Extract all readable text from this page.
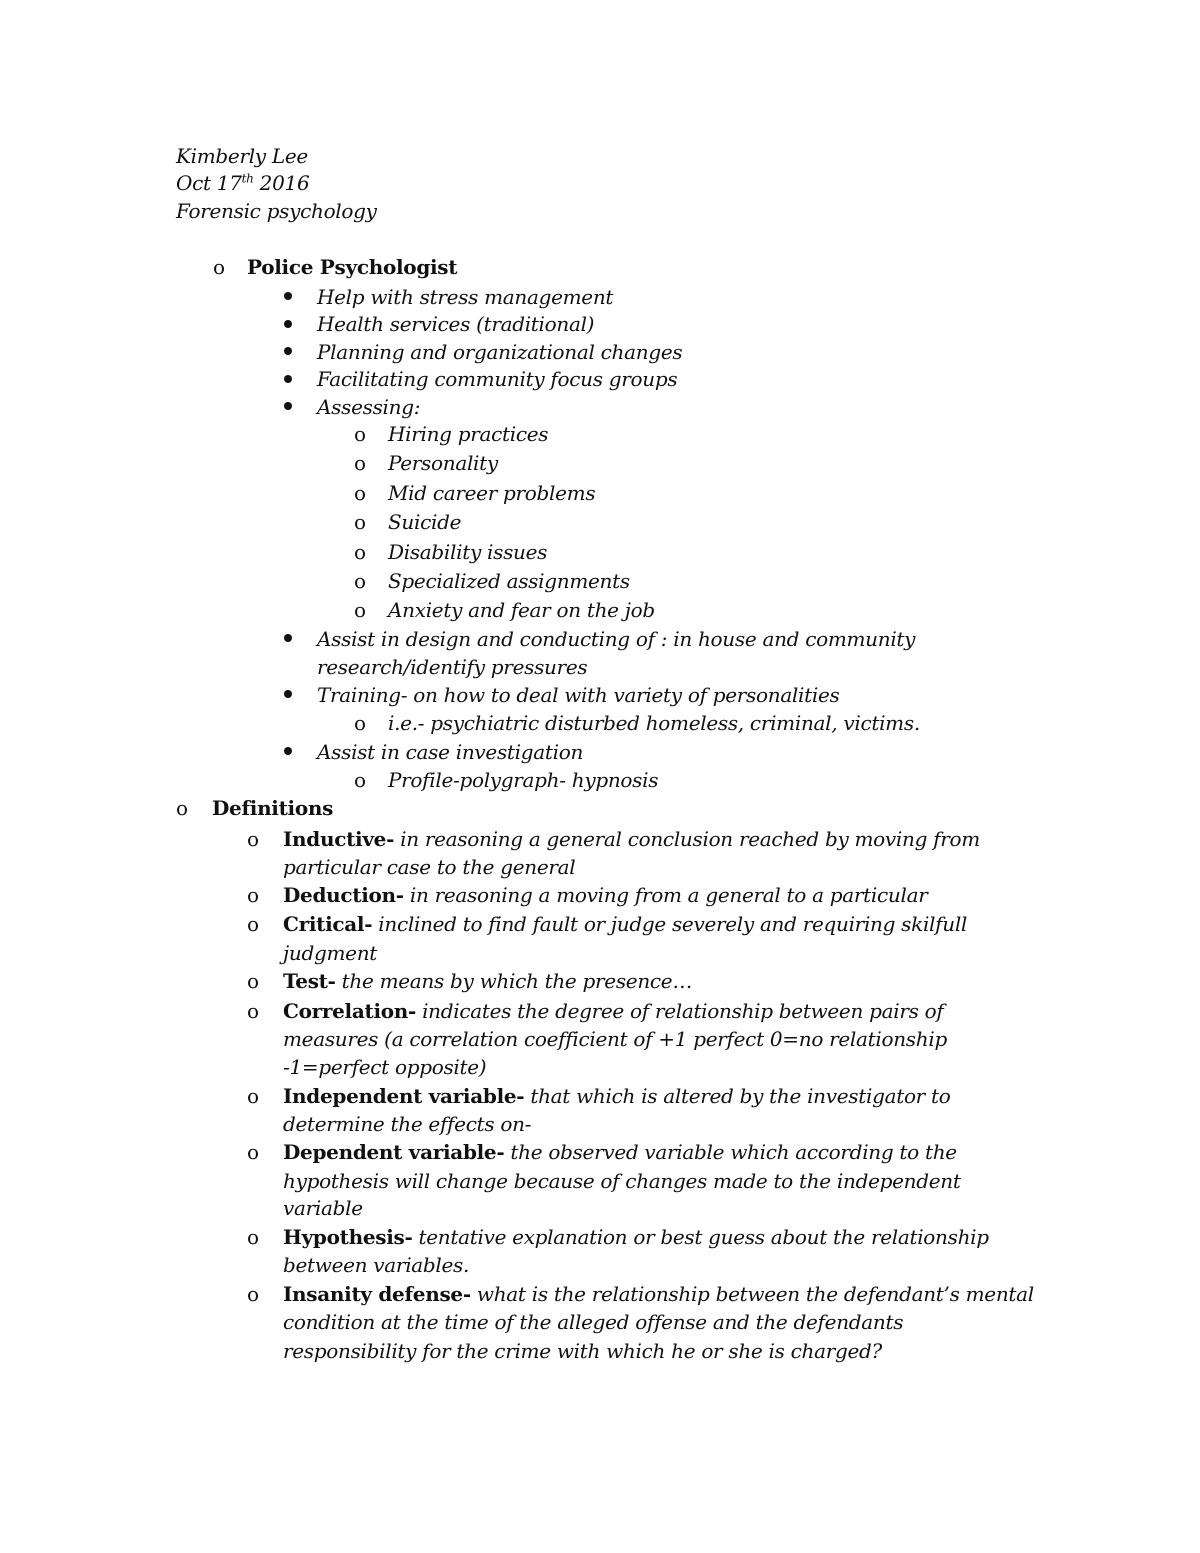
Kimberly Lee
Oct 17th 2016
Forensic psychology
o Police Psychologist
Help with stress management
Health services (traditional)
Planning and organizational changes
Facilitating community focus groups
Assessing:
o Hiring practices
o Personality
o Mid career problems
o Suicide
o Disability issues
o Specialized assignments
o Anxiety and fear on the job
Assist in design and conducting of : in house and community
research/identify pressures
Training- on how to deal with variety of personalities
o i.e.- psychiatric disturbed homeless, criminal, victims.
Assist in case investigation
o Profile-polygraph- hypnosis
o Definitions
o Inductive- in reasoning a general conclusion reached by moving from
particular case to the general
o Deduction- in reasoning a moving from a general to a particular
o Critical- inclined to find fault or judge severely and requiring skilfull
judgment
o Test- the means by which the presence…
o Correlation- indicates the degree of relationship between pairs of
measures (a correlation coefficient of +1 perfect 0=no relationship
-1=perfect opposite)
o Independent variable- that which is altered by the investigator to
determine the effects on-
o Dependent variable- the observed variable which according to the
hypothesis will change because of changes made to the independent
variable
o Hypothesis- tentative explanation or best guess about the relationship
between variables.
o Insanity defense- what is the relationship between the defendant’s mental
condition at the time of the alleged offense and the defendants
responsibility for the crime with which he or she is charged?
